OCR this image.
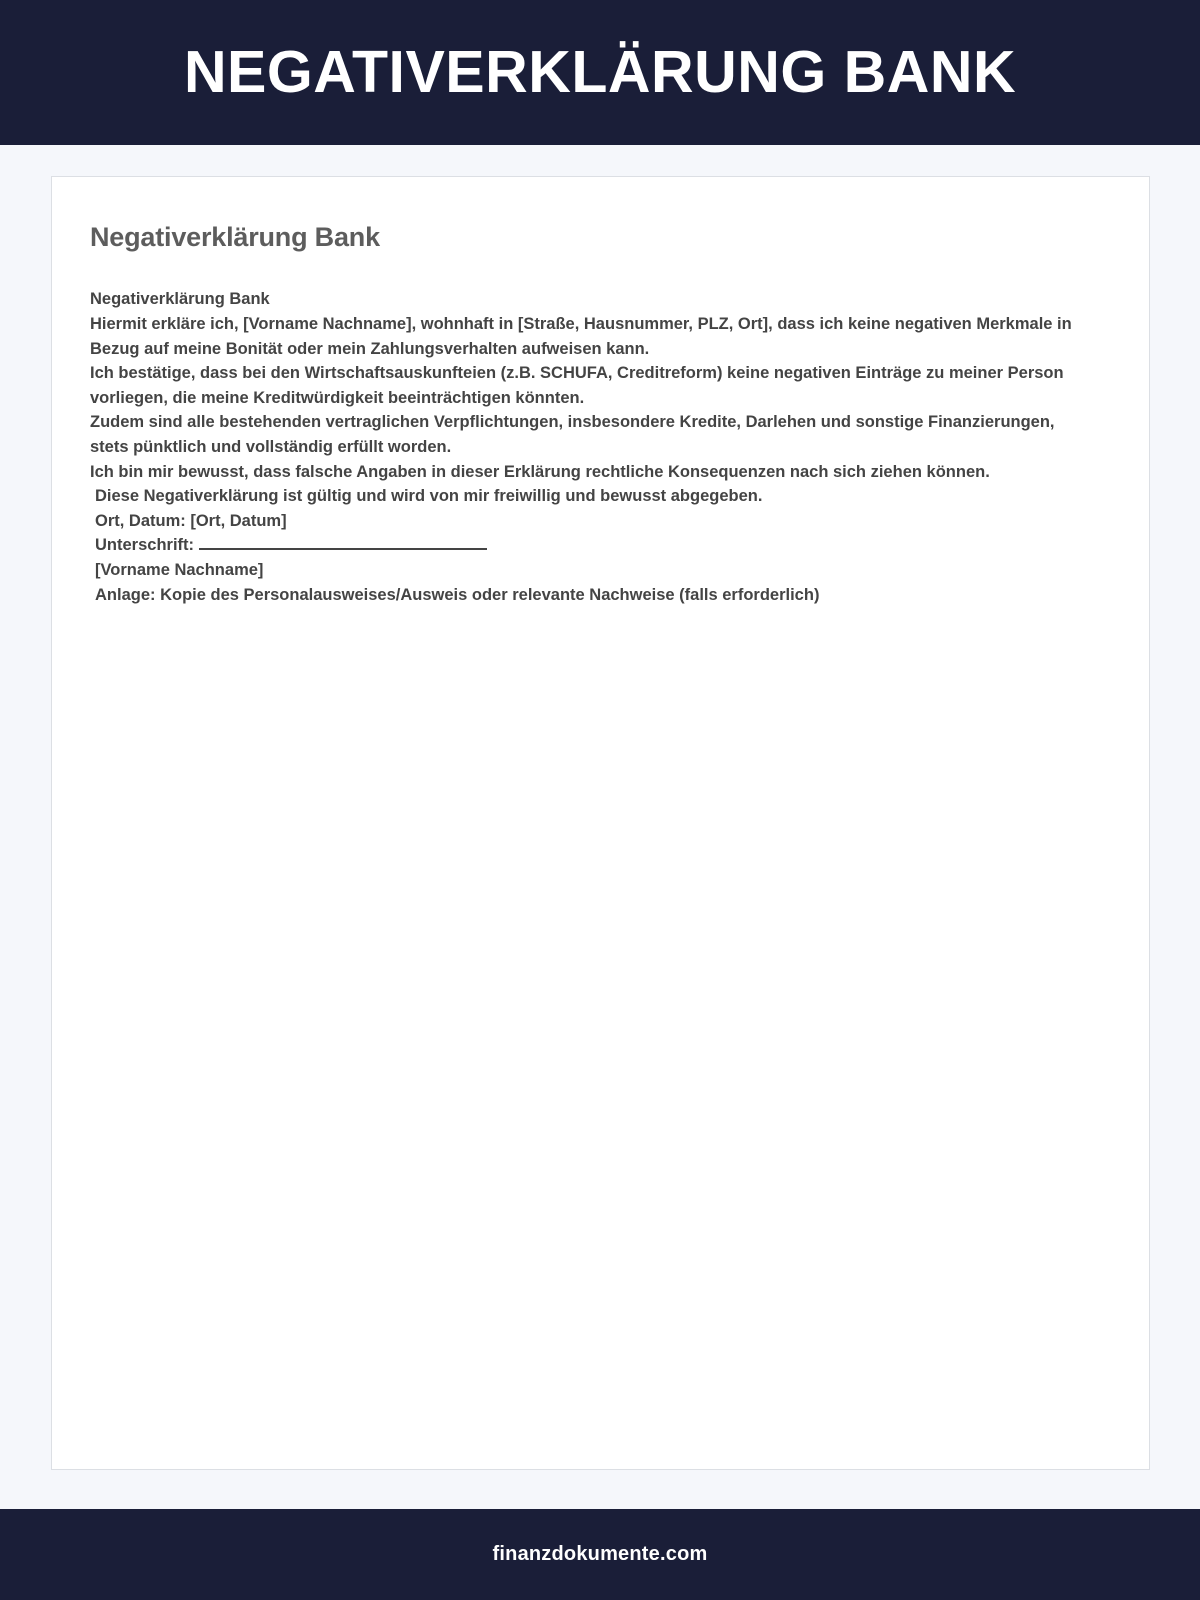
NEGATIVERKLÄRUNG BANK
Negativerklärung Bank

Negativerklärung Bank

Hiermit erkläre ich, [Vorname Nachname], wohnhaft in [Straße, Hausnummer, PLZ, Ort], dass ich keine negativen Merkmale in Bezug auf meine Bonität oder mein Zahlungsverhalten aufweisen kann.

Ich bestätige, dass bei den Wirtschaftsauskunfteien (z.B. SCHUFA, Creditreform) keine negativen Einträge zu meiner Person vorliegen, die meine Kreditwürdigkeit beeinträchtigen könnten.

Zudem sind alle bestehenden vertraglichen Verpflichtungen, insbesondere Kredite, Darlehen und sonstige Finanzierungen, stets pünktlich und vollständig erfüllt worden.

Ich bin mir bewusst, dass falsche Angaben in dieser Erklärung rechtliche Konsequenzen nach sich ziehen können.

Diese Negativerklärung ist gültig und wird von mir freiwillig und bewusst abgegeben.

Ort, Datum: [Ort, Datum]

Unterschrift:

[Vorname Nachname]

Anlage: Kopie des Personalausweises/Ausweis oder relevante Nachweise (falls erforderlich)

finanzdokumente.com
